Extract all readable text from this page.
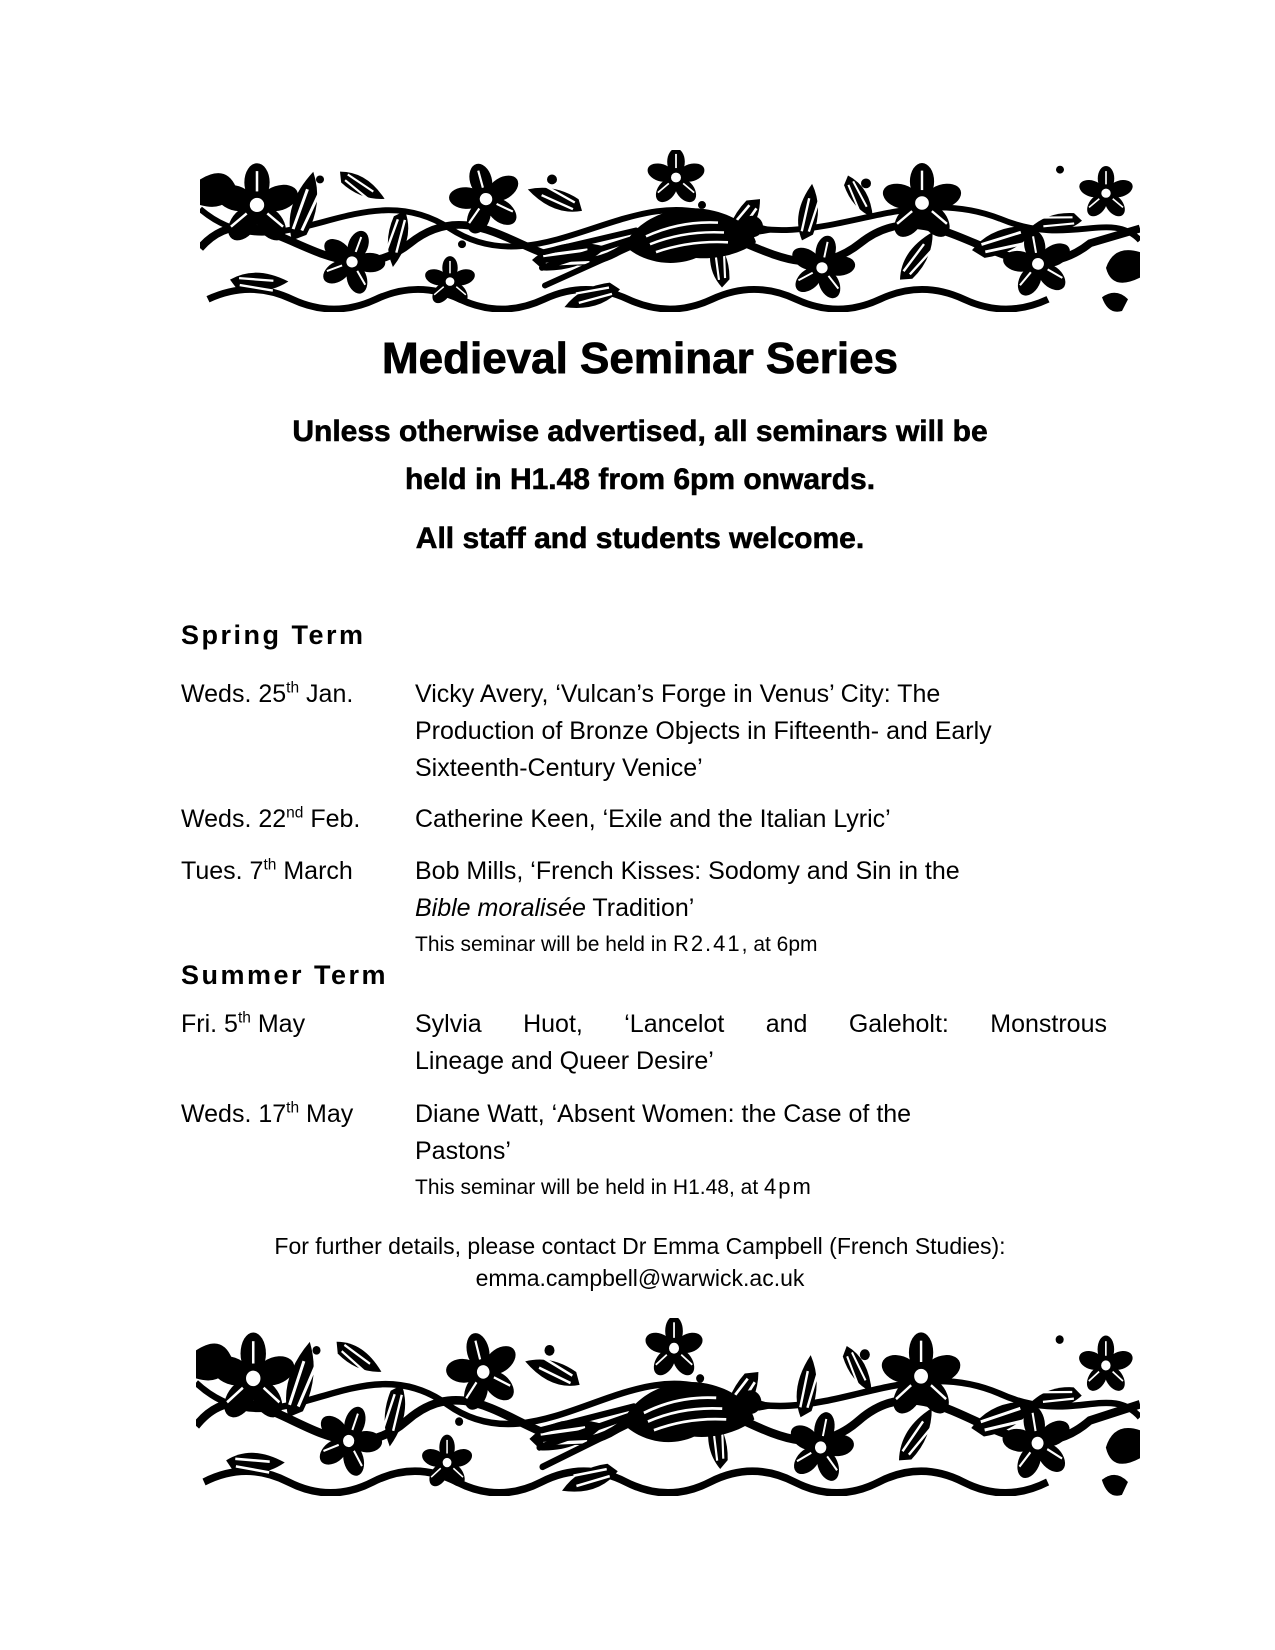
Medieval Seminar Series
Unless otherwise advertised, all seminars will be
held in H1.48 from 6pm onwards.
All staff and students welcome.
Spring Term
Weds. 25th Jan.	Vicky Avery, ‘Vulcan’s Forge in Venus’ City: The
Production of Bronze Objects in Fifteenth- and Early
Sixteenth-Century Venice’
Weds. 22nd Feb.	Catherine Keen, ‘Exile and the Italian Lyric’
Tues. 7th March	Bob Mills, ‘French Kisses: Sodomy and Sin in the
Bible moralisée Tradition’
This seminar will be held in R2.41, at 6pm
Summer Term
Fri. 5th May	Sylvia Huot, ‘Lancelot and Galeholt: Monstrous
Lineage and Queer Desire’
Weds. 17th May	Diane Watt, ‘Absent Women: the Case of the
Pastons’
This seminar will be held in H1.48, at 4pm
For further details, please contact Dr Emma Campbell (French Studies):
emma.campbell@warwick.ac.uk
